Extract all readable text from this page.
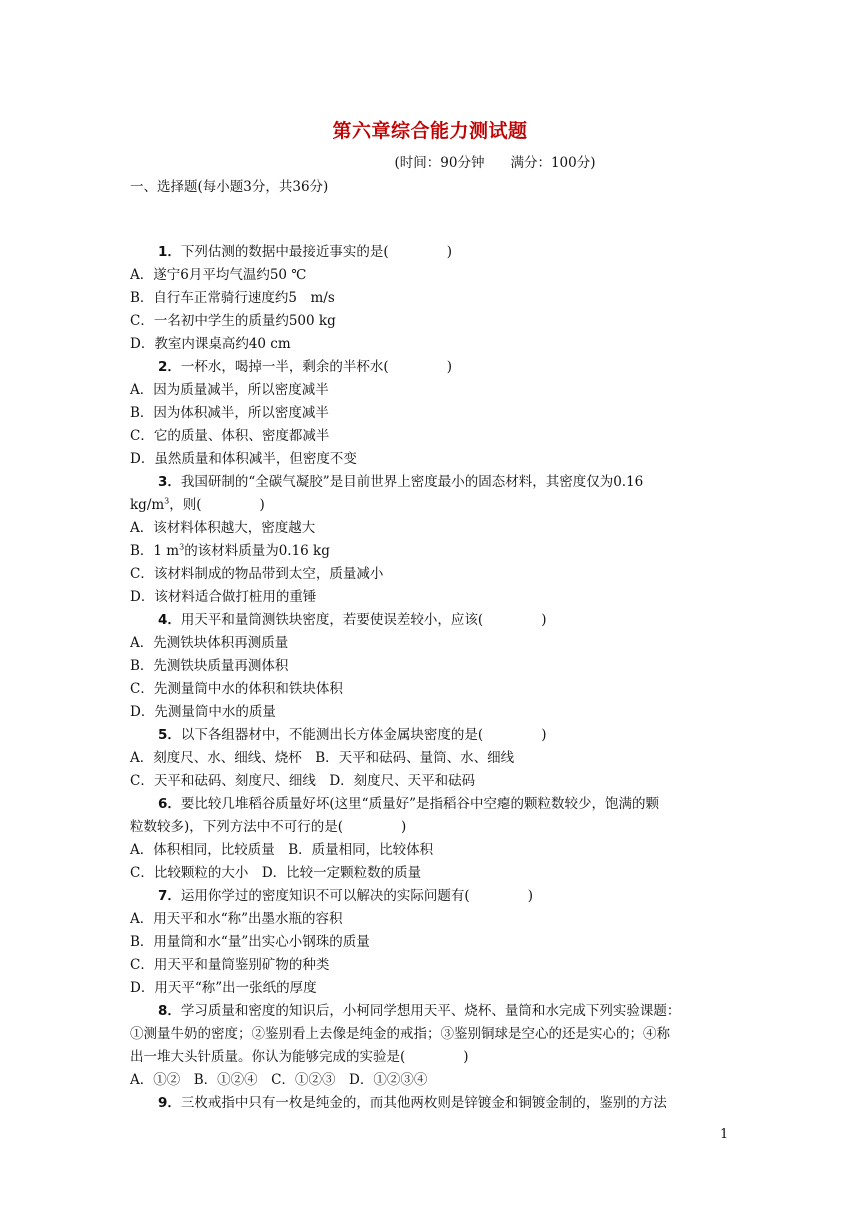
第六章综合能力测试题
(时间：90分钟 满分：100分)
一、选择题(每小题3分，共36分)
1．下列估测的数据中最接近事实的是(	)
A．遂宁6月平均气温约50 ℃
B．自行车正常骑行速度约5　m/s
C．一名初中学生的质量约500 kg
D．教室内课桌高约40 cm
2．一杯水，喝掉一半，剩余的半杯水(	)
A．因为质量减半，所以密度减半
B．因为体积减半，所以密度减半
C．它的质量、体积、密度都减半
D．虽然质量和体积减半，但密度不变
3．我国研制的“全碳气凝胶”是目前世界上密度最小的固态材料，其密度仅为0.16
$kg/m^3$，则(	)
A．该材料体积越大，密度越大
B．1 $m^3$的该材料质量为0.16 kg
C．该材料制成的物品带到太空，质量减小
D．该材料适合做打桩用的重锤
4．用天平和量筒测铁块密度，若要使误差较小，应该(	)
A．先测铁块体积再测质量
B．先测铁块质量再测体积
C．先测量筒中水的体积和铁块体积
D．先测量筒中水的质量
5．以下各组器材中，不能测出长方体金属块密度的是(	)
A．刻度尺、水、细线、烧杯　B．天平和砝码、量筒、水、细线
C．天平和砝码、刻度尺、细线　D．刻度尺、天平和砝码
6．要比较几堆稻谷质量好坏(这里“质量好”是指稻谷中空瘪的颗粒数较少，饱满的颗
粒数较多)，下列方法中不可行的是(	)
A．体积相同，比较质量　B．质量相同，比较体积
C．比较颗粒的大小　D．比较一定颗粒数的质量
7．运用你学过的密度知识不可以解决的实际问题有(	)
A．用天平和水“称”出墨水瓶的容积
B．用量筒和水“量”出实心小钢珠的质量
C．用天平和量筒鉴别矿物的种类
D．用天平“称”出一张纸的厚度
8．学习质量和密度的知识后，小柯同学想用天平、烧杯、量筒和水完成下列实验课题：
①测量牛奶的密度；②鉴别看上去像是纯金的戒指；③鉴别铜球是空心的还是实心的；④称
出一堆大头针质量。你认为能够完成的实验是(	)
A．①②　B．①②④　C．①②③　D．①②③④
9．三枚戒指中只有一枚是纯金的，而其他两枚则是锌镀金和铜镀金制的，鉴别的方法
1
